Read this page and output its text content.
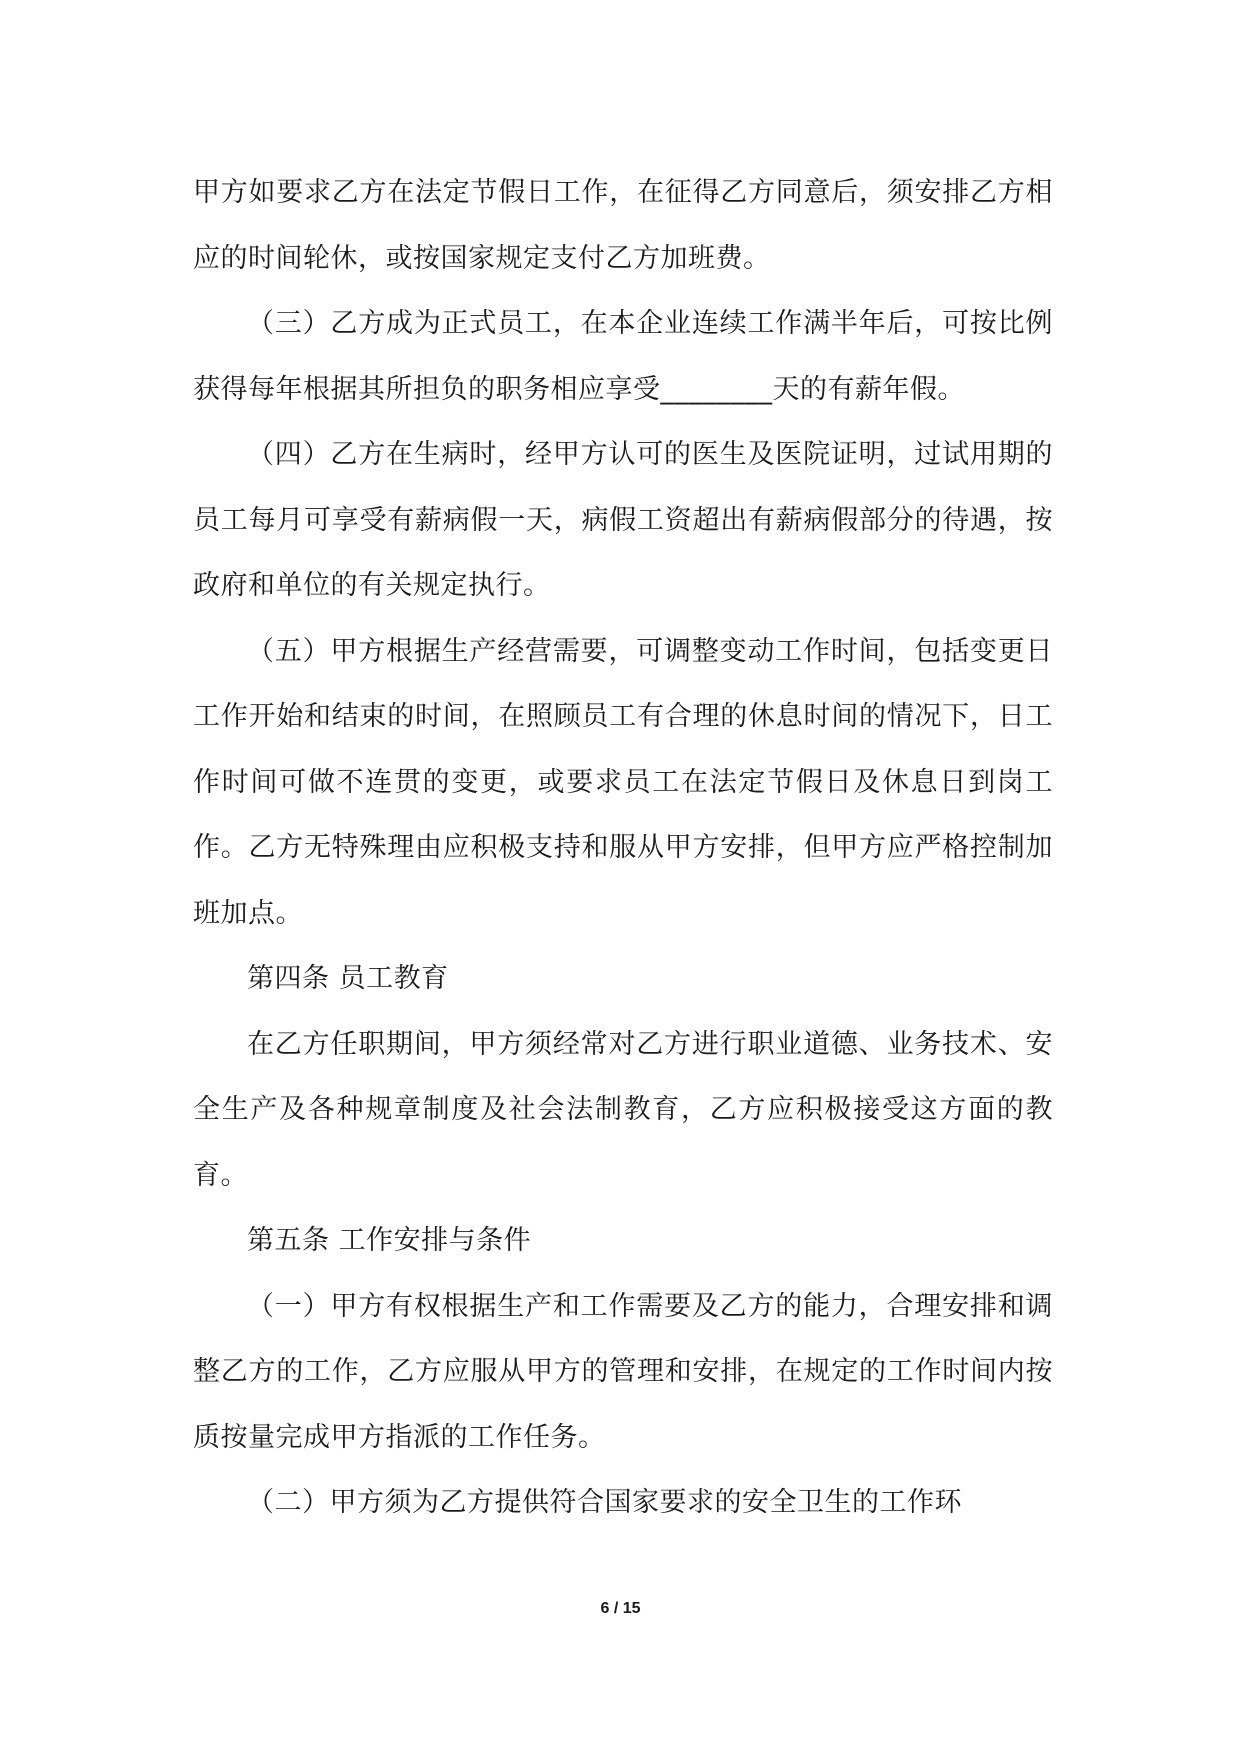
甲方如要求乙方在法定节假日工作，在征得乙方同意后，须安排乙方相应的时间轮休，或按国家规定支付乙方加班费。

（三）乙方成为正式员工，在本企业连续工作满半年后，可按比例获得每年根据其所担负的职务相应享受________天的有薪年假。

（四）乙方在生病时，经甲方认可的医生及医院证明，过试用期的员工每月可享受有薪病假一天，病假工资超出有薪病假部分的待遇，按政府和单位的有关规定执行。

（五）甲方根据生产经营需要，可调整变动工作时间，包括变更日工作开始和结束的时间，在照顾员工有合理的休息时间的情况下，日工作时间可做不连贯的变更，或要求员工在法定节假日及休息日到岗工作。乙方无特殊理由应积极支持和服从甲方安排，但甲方应严格控制加班加点。

第四条 员工教育

在乙方任职期间，甲方须经常对乙方进行职业道德、业务技术、安全生产及各种规章制度及社会法制教育，乙方应积极接受这方面的教育。

第五条 工作安排与条件

（一）甲方有权根据生产和工作需要及乙方的能力，合理安排和调整乙方的工作，乙方应服从甲方的管理和安排，在规定的工作时间内按质按量完成甲方指派的工作任务。

（二）甲方须为乙方提供符合国家要求的安全卫生的工作环

6 / 15
